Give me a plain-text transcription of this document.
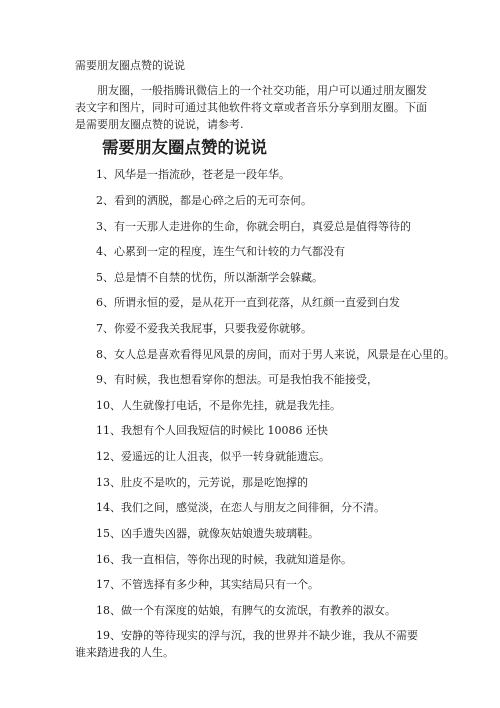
需要朋友圈点赞的说说

朋友圈，一般指腾讯微信上的一个社交功能，用户可以通过朋友圈发表文字和图片，同时可通过其他软件将文章或者音乐分享到朋友圈。下面是需要朋友圈点赞的说说，请参考.

需要朋友圈点赞的说说
1、风华是一指流砂，苍老是一段年华。
2、看到的洒脱，都是心碎之后的无可奈何。
3、有一天那人走进你的生命，你就会明白，真爱总是值得等待的
4、心累到一定的程度，连生气和计较的力气都没有
5、总是情不自禁的忧伤，所以渐渐学会躲藏。
6、所谓永恒的爱，是从花开一直到花落，从红颜一直爱到白发
7、你爱不爱我关我屁事，只要我爱你就够。
8、女人总是喜欢看得见风景的房间，而对于男人来说，风景是在心里的。
9、有时候，我也想看穿你的想法。可是我怕我不能接受，
10、人生就像打电话，不是你先挂，就是我先挂。
11、我想有个人回我短信的时候比 10086 还快
12、爱遥远的让人沮丧，似乎一转身就能遗忘。
13、肚皮不是吹的，元芳说，那是吃饱撑的
14、我们之间，感觉淡，在恋人与朋友之间徘徊，分不清。
15、凶手遗失凶器，就像灰姑娘遗失玻璃鞋。
16、我一直相信，等你出现的时候，我就知道是你。
17、不管选择有多少种，其实结局只有一个。
18、做一个有深度的姑娘，有脾气的女流氓，有教养的淑女。
19、安静的等待现实的浮与沉，我的世界并不缺少谁，我从不需要谁来踏进我的人生。
